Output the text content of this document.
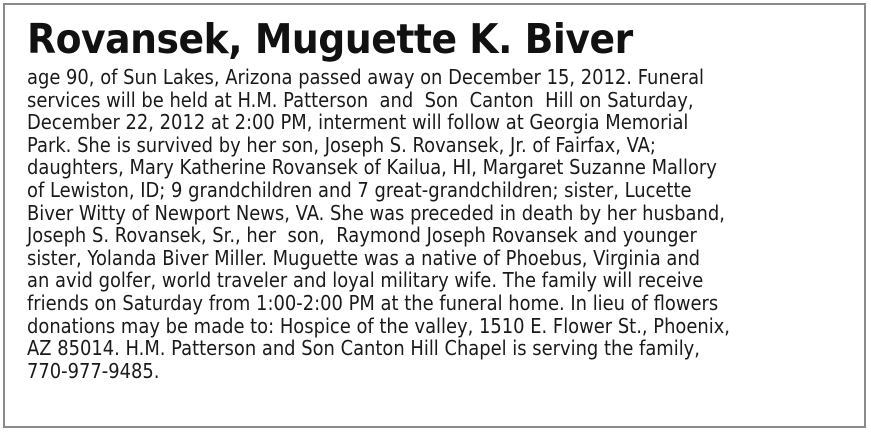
Rovansek, Muguette K. Biver
age 90, of Sun Lakes, Arizona passed away on December 15, 2012. Funeral
services will be held at H.M. Patterson  and  Son  Canton  Hill on Saturday,
December 22, 2012 at 2:00 PM, interment will follow at Georgia Memorial
Park. She is survived by her son, Joseph S. Rovansek, Jr. of Fairfax, VA;
daughters, Mary Katherine Rovansek of Kailua, HI, Margaret Suzanne Mallory
of Lewiston, ID; 9 grandchildren and 7 great-grandchildren; sister, Lucette
Biver Witty of Newport News, VA. She was preceded in death by her husband,
Joseph S. Rovansek, Sr., her  son,  Raymond Joseph Rovansek and younger
sister, Yolanda Biver Miller. Muguette was a native of Phoebus, Virginia and
an avid golfer, world traveler and loyal military wife. The family will receive
friends on Saturday from 1:00-2:00 PM at the funeral home. In lieu of flowers
donations may be made to: Hospice of the valley, 1510 E. Flower St., Phoenix,
AZ 85014. H.M. Patterson and Son Canton Hill Chapel is serving the family,
770-977-9485.
